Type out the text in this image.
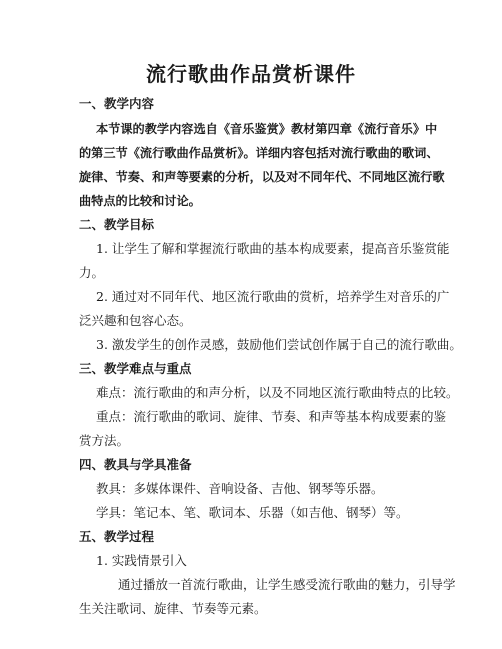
流行歌曲作品赏析课件
一、教学内容
本节课的教学内容选自《音乐鉴赏》教材第四章《流行音乐》中
的第三节《流行歌曲作品赏析》。详细内容包括对流行歌曲的歌词、
旋律、节奏、和声等要素的分析，以及对不同年代、不同地区流行歌
曲特点的比较和讨论。
二、教学目标
1. 让学生了解和掌握流行歌曲的基本构成要素，提高音乐鉴赏能
力。
2. 通过对不同年代、地区流行歌曲的赏析，培养学生对音乐的广
泛兴趣和包容心态。
3. 激发学生的创作灵感，鼓励他们尝试创作属于自己的流行歌曲。
三、教学难点与重点
难点：流行歌曲的和声分析，以及不同地区流行歌曲特点的比较。
重点：流行歌曲的歌词、旋律、节奏、和声等基本构成要素的鉴
赏方法。
四、教具与学具准备
教具：多媒体课件、音响设备、吉他、钢琴等乐器。
学具：笔记本、笔、歌词本、乐器（如吉他、钢琴）等。
五、教学过程
1. 实践情景引入
通过播放一首流行歌曲，让学生感受流行歌曲的魅力，引导学
生关注歌词、旋律、节奏等元素。
